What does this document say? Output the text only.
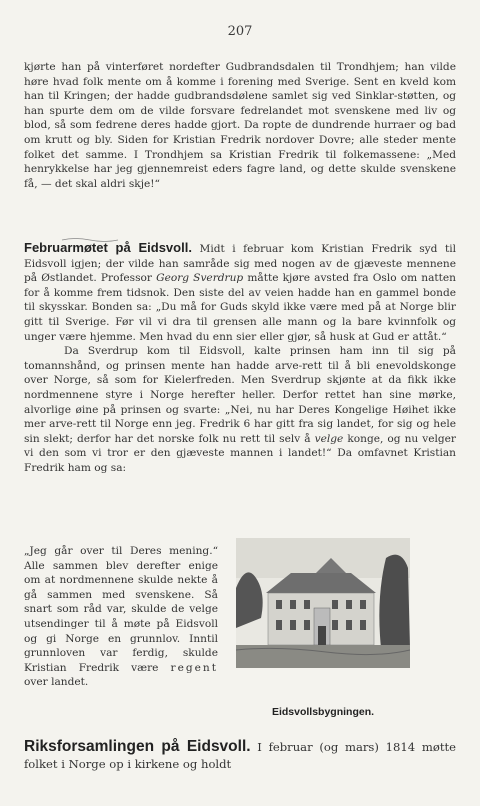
207
kjørte han på vinterføret nordefter Gudbrandsdalen til Trondhjem; han vilde høre hvad folk mente om å komme i forening med Sverige. Sent en kveld kom han til Kringen; der hadde gudbrandsdølene samlet sig ved Sinklar-støtten, og han spurte dem om de vilde forsvare fedrelandet mot svenskene med liv og blod, så som fedrene deres hadde gjort. Da ropte de dundrende hurraer og bad om krutt og bly. Siden for Kristian Fredrik nordover Dovre; alle steder mente folket det samme. I Trondhjem sa Kristian Fredrik til folkemassene: „Med henrykkelse har jeg gjennemreist eders fagre land, og dette skulde svenskene få, — det skal aldri skje!“
Februarmøtet på Eidsvoll. Midt i februar kom Kristian Fredrik syd til Eidsvoll igjen; der vilde han samråde sig med nogen av de gjæveste mennene på Østlandet. Professor Georg Sverdrup måtte kjøre avsted fra Oslo om natten for å komme frem tidsnok. Den siste del av veien hadde han en gammel bonde til skysskar. Bonden sa: „Du må for Guds skyld ikke være med på at Norge blir gitt til Sverige. Før vil vi dra til grensen alle mann og la bare kvinnfolk og unger være hjemme. Men hvad du enn sier eller gjør, så husk at Gud er attåt.“
Da Sverdrup kom til Eidsvoll, kalte prinsen ham inn til sig på tomannshånd, og prinsen mente han hadde arve-rett til å bli enevoldskonge over Norge, så som for Kielerfreden. Men Sverdrup skjønte at da fikk ikke nordmennene styre i Norge herefter heller. Derfor rettet han sine mørke, alvorlige øine på prinsen og svarte: „Nei, nu har Deres Kongelige Høihet ikke mer arve-rett til Norge enn jeg. Fredrik 6 har gitt fra sig landet, for sig og hele sin slekt; derfor har det norske folk nu rett til selv å velge konge, og nu velger vi den som vi tror er den gjæveste mannen i landet!“ Da omfavnet Kristian Fredrik ham og sa:
„Jeg går over til Deres mening.“ Alle sammen blev derefter enige om at nordmennene skulde nekte å gå sammen med svenskene. Så snart som råd var, skulde de velge utsendinger til å møte på Eidsvoll og gi Norge en grunnlov. Inntil grunnloven var ferdig, skulde Kristian Fredrik være regent over landet.
Eidsvollsbygningen.
Riksforsamlingen på Eidsvoll. I februar (og mars) 1814 møtte folket i Norge op i kirkene og holdt
